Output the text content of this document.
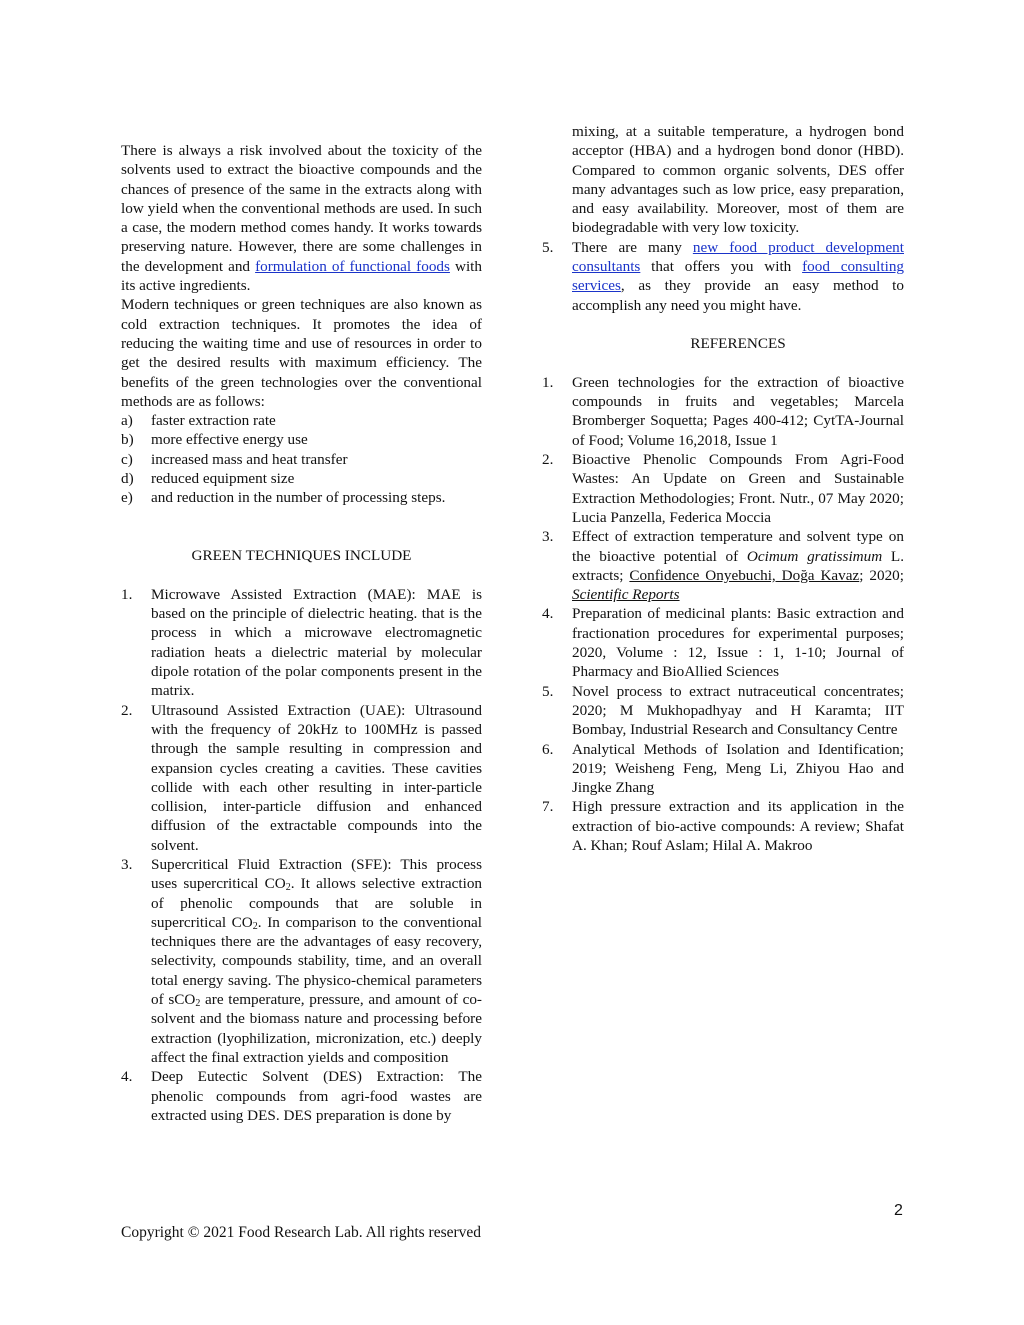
There is always a risk involved about the toxicity of the solvents used to extract the bioactive compounds and the chances of presence of the same in the extracts along with low yield when the conventional methods are used. In such a case, the modern method comes handy. It works towards preserving nature. However, there are some challenges in the development and formulation of functional foods with its active ingredients.

Modern techniques or green techniques are also known as cold extraction techniques. It promotes the idea of reducing the waiting time and use of resources in order to get the desired results with maximum efficiency. The benefits of the green technologies over the conventional methods are as follows:

a) faster extraction rate
b) more effective energy use
c) increased mass and heat transfer
d) reduced equipment size
e) and reduction in the number of processing steps.

GREEN TECHNIQUES INCLUDE

1. Microwave Assisted Extraction (MAE): MAE is based on the principle of dielectric heating. that is the process in which a microwave electromagnetic radiation heats a dielectric material by molecular dipole rotation of the polar components present in the matrix.
2. Ultrasound Assisted Extraction (UAE): Ultrasound with the frequency of 20kHz to 100MHz is passed through the sample resulting in compression and expansion cycles creating a cavities. These cavities collide with each other resulting in inter-particle collision, inter-particle diffusion and enhanced diffusion of the extractable compounds into the solvent.
3. Supercritical Fluid Extraction (SFE): This process uses supercritical $CO_2$. It allows selective extraction of phenolic compounds that are soluble in supercritical $CO_2$. In comparison to the conventional techniques there are the advantages of easy recovery, selectivity, compounds stability, time, and an overall total energy saving. The physico-chemical parameters of sCO$_2$ are temperature, pressure, and amount of co-solvent and the biomass nature and processing before extraction (lyophilization, micronization, etc.) deeply affect the final extraction yields and composition
4. Deep Eutectic Solvent (DES) Extraction: The phenolic compounds from agri-food wastes are extracted using DES. DES preparation is done by

mixing, at a suitable temperature, a hydrogen bond acceptor (HBA) and a hydrogen bond donor (HBD). Compared to common organic solvents, DES offer many advantages such as low price, easy preparation, and easy availability. Moreover, most of them are biodegradable with very low toxicity.

5. There are many new food product development consultants that offers you with food consulting services, as they provide an easy method to accomplish any need you might have.

REFERENCES

1. Green technologies for the extraction of bioactive compounds in fruits and vegetables; Marcela Bromberger Soquetta; Pages 400-412; CytTA-Journal of Food; Volume 16,2018, Issue 1
2. Bioactive Phenolic Compounds From Agri-Food Wastes: An Update on Green and Sustainable Extraction Methodologies; Front. Nutr., 07 May 2020; Lucia Panzella, Federica Moccia
3. Effect of extraction temperature and solvent type on the bioactive potential of Ocimum gratissimum L. extracts; Confidence Onyebuchi, Doğa Kavaz; 2020; Scientific Reports
4. Preparation of medicinal plants: Basic extraction and fractionation procedures for experimental purposes; 2020, Volume : 12, Issue : 1, 1-10; Journal of Pharmacy and BioAllied Sciences
5. Novel process to extract nutraceutical concentrates; 2020; M Mukhopadhyay and H Karamta; IIT Bombay, Industrial Research and Consultancy Centre
6. Analytical Methods of Isolation and Identification; 2019; Weisheng Feng, Meng Li, Zhiyou Hao and Jingke Zhang
7. High pressure extraction and its application in the extraction of bio-active compounds: A review; Shafat A. Khan; Rouf Aslam; Hilal A. Makroo
2
Copyright © 2021 Food Research Lab. All rights reserved
